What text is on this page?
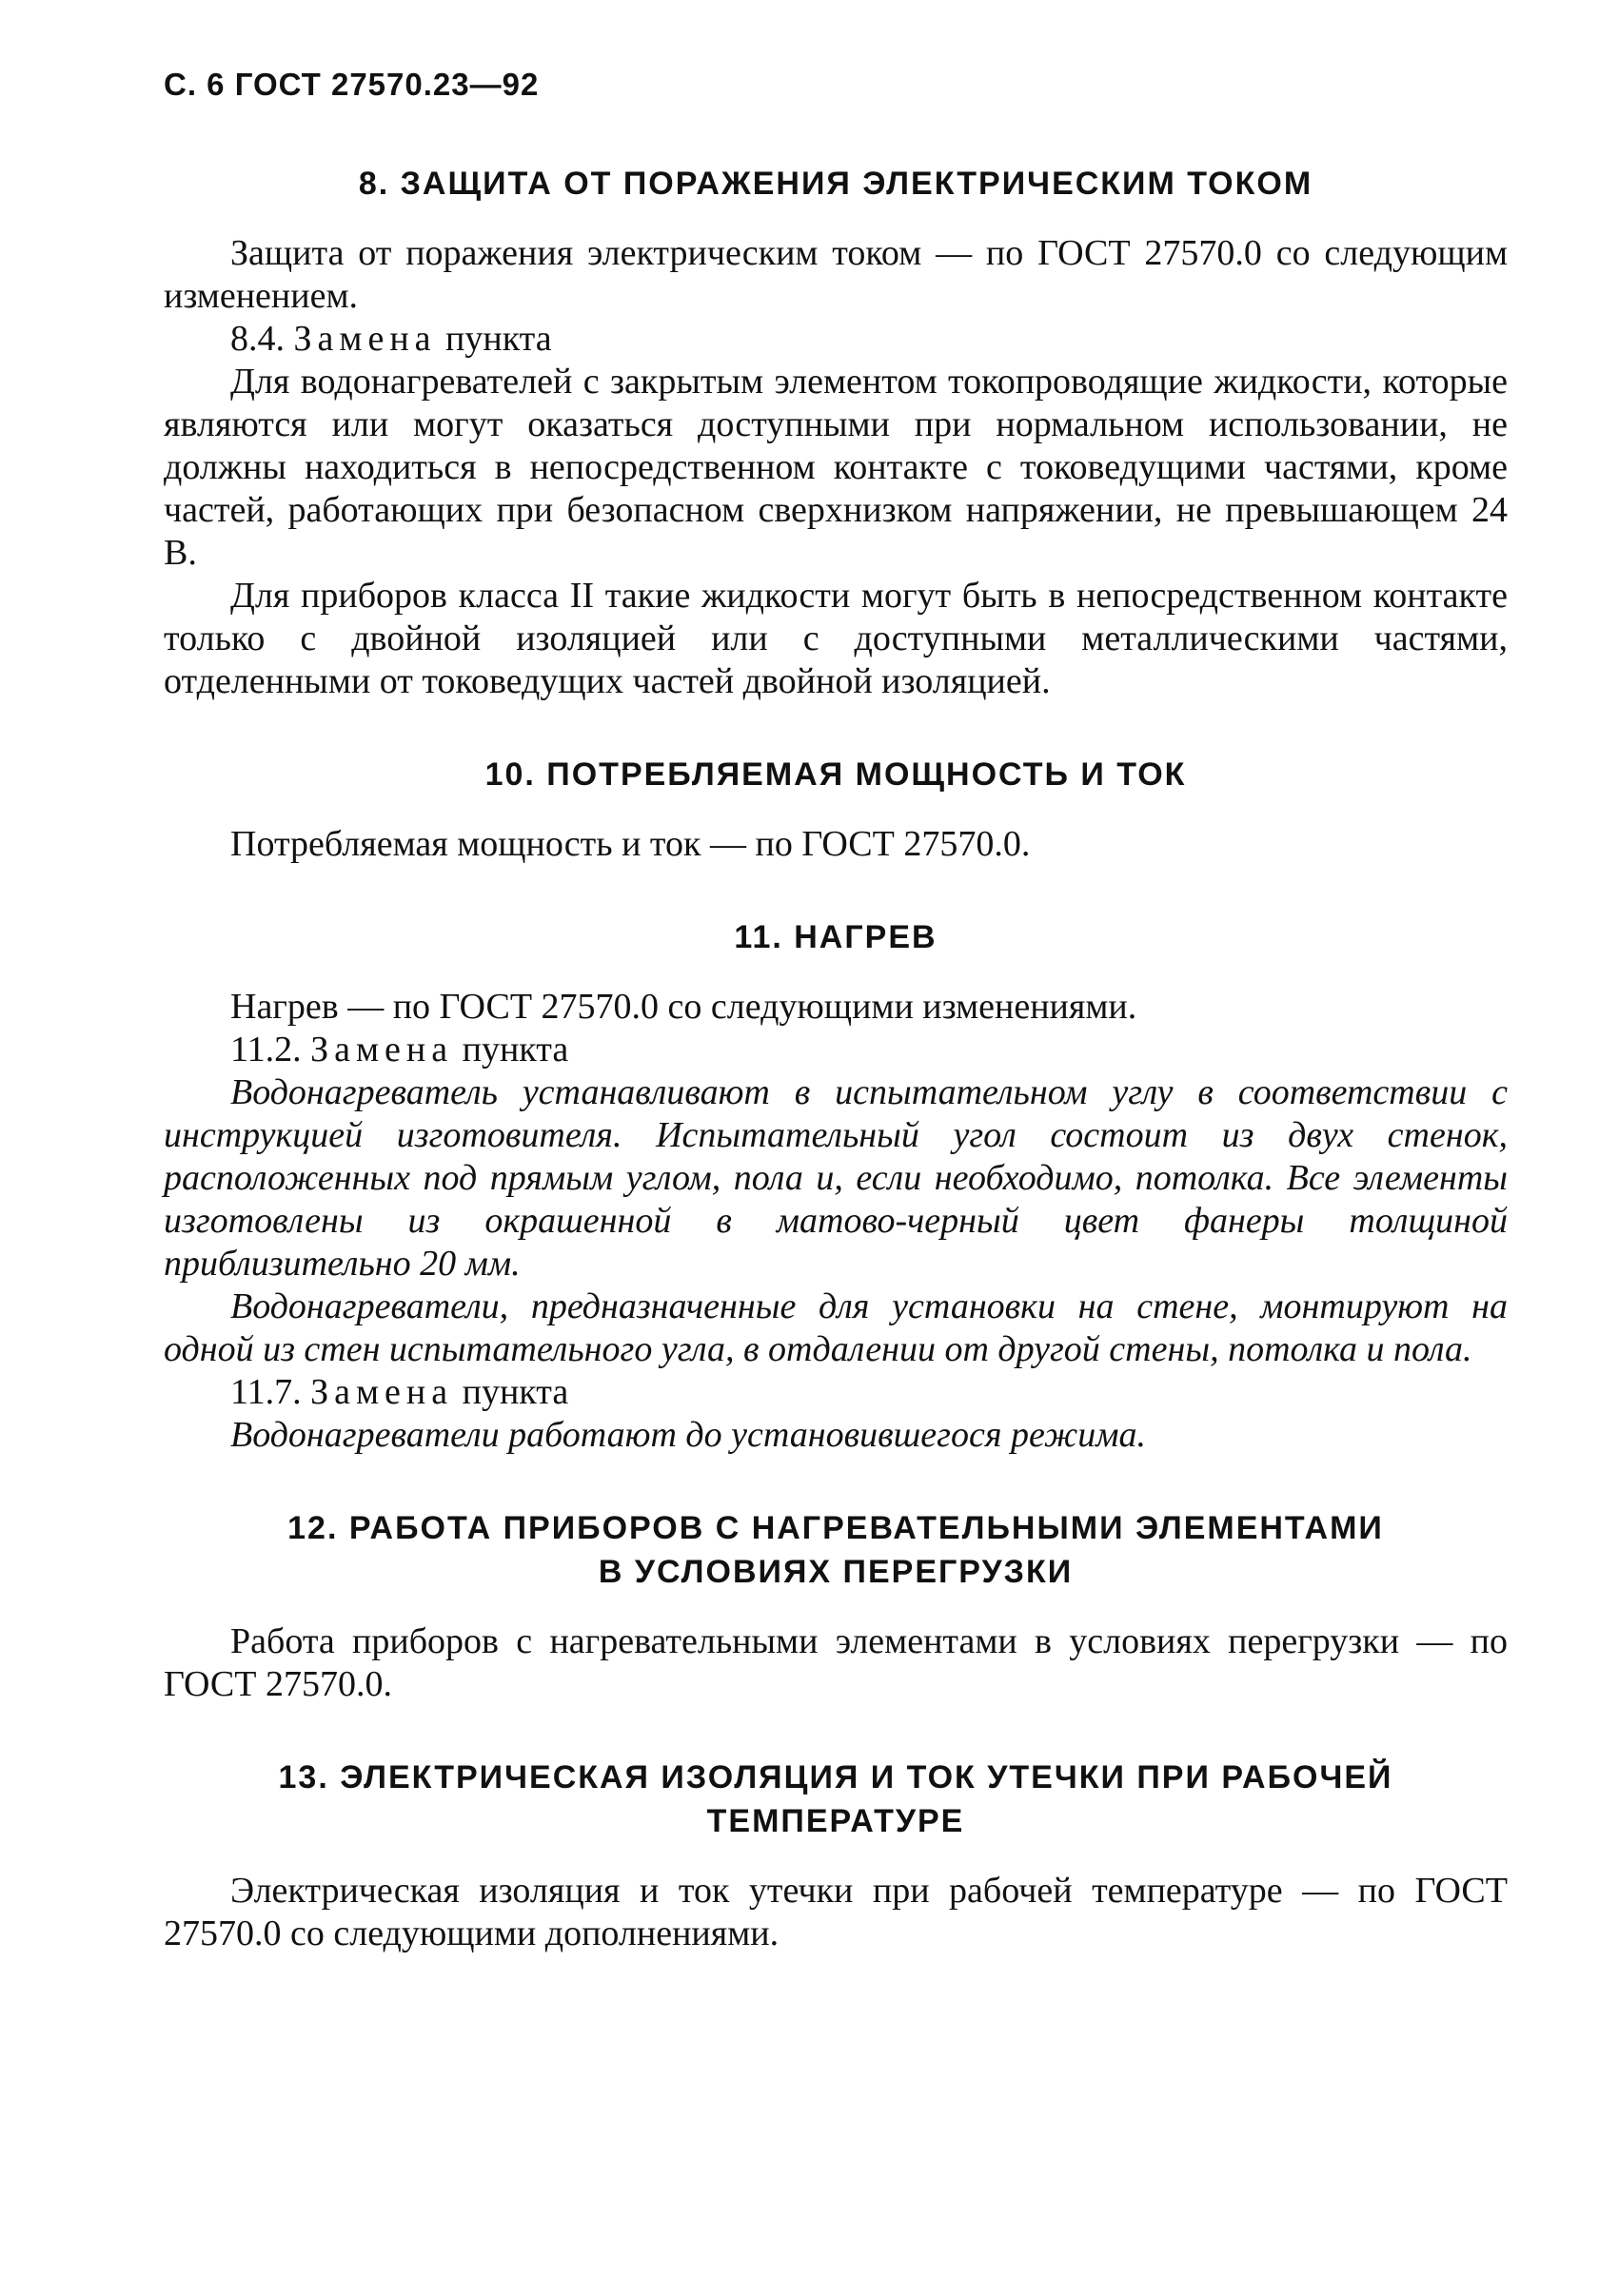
С. 6 ГОСТ 27570.23—92
8. ЗАЩИТА ОТ ПОРАЖЕНИЯ ЭЛЕКТРИЧЕСКИМ ТОКОМ

Защита от поражения электрическим током — по ГОСТ 27570.0 со следующим изменением.

8.4. Замена пункта

Для водонагревателей с закрытым элементом токопроводящие жидкости, которые являются или могут оказаться доступными при нормальном использовании, не должны находиться в непосредственном контакте с токоведущими частями, кроме частей, работающих при безопасном сверхнизком напряжении, не превышающем 24 В.

Для приборов класса II такие жидкости могут быть в непосредственном контакте только с двойной изоляцией или с доступными металлическими частями, отделенными от токоведущих частей двойной изоляцией.

10. ПОТРЕБЛЯЕМАЯ МОЩНОСТЬ И ТОК

Потребляемая мощность и ток — по ГОСТ 27570.0.

11. НАГРЕВ

Нагрев — по ГОСТ 27570.0 со следующими изменениями.

11.2. Замена пункта

Водонагреватель устанавливают в испытательном углу в соответствии с инструкцией изготовителя. Испытательный угол состоит из двух стенок, расположенных под прямым углом, пола и, если необходимо, потолка. Все элементы изготовлены из окрашенной в матово-черный цвет фанеры толщиной приблизительно 20 мм.

Водонагреватели, предназначенные для установки на стене, монтируют на одной из стен испытательного угла, в отдалении от другой стены, потолка и пола.

11.7. Замена пункта

Водонагреватели работают до установившегося режима.

12. РАБОТА ПРИБОРОВ С НАГРЕВАТЕЛЬНЫМИ ЭЛЕМЕНТАМИ
В УСЛОВИЯХ ПЕРЕГРУЗКИ

Работа приборов с нагревательными элементами в условиях перегрузки — по ГОСТ 27570.0.

13. ЭЛЕКТРИЧЕСКАЯ ИЗОЛЯЦИЯ И ТОК УТЕЧКИ ПРИ РАБОЧЕЙ
ТЕМПЕРАТУРЕ

Электрическая изоляция и ток утечки при рабочей температуре — по ГОСТ 27570.0 со следующими дополнениями.
